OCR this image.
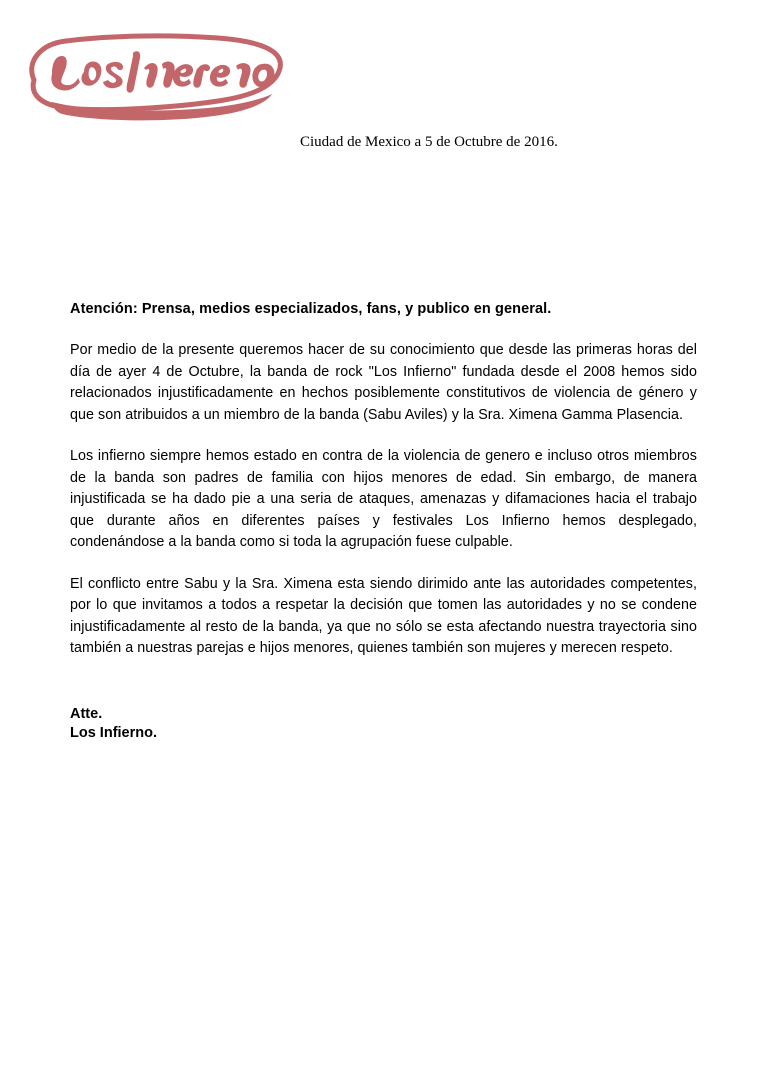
Ciudad de Mexico a 5 de Octubre de 2016.

Atención: Prensa, medios especializados, fans, y publico en general.

Por medio de la presente queremos hacer de su conocimiento que desde las primeras horas del día de ayer 4 de Octubre, la banda de rock "Los Infierno" fundada desde el 2008 hemos sido relacionados injustificadamente en hechos posiblemente constitutivos de violencia de género y que son atribuidos a un miembro de la banda (Sabu Aviles) y la Sra. Ximena Gamma Plasencia.

Los infierno siempre hemos estado en contra de la violencia de genero e incluso otros miembros de la banda son padres de familia con hijos menores de edad. Sin embargo, de manera injustificada se ha dado pie a una seria de ataques, amenazas y difamaciones hacia el trabajo que durante años en diferentes países y festivales Los Infierno hemos desplegado, condenándose a la banda como si toda la agrupación fuese culpable.

El conflicto entre Sabu y la Sra. Ximena esta siendo dirimido ante las autoridades competentes, por lo que invitamos a todos a respetar la decisión que tomen las autoridades y no se condene injustificadamente al resto de la banda, ya que no sólo se esta afectando nuestra trayectoria sino también a nuestras parejas e hijos menores, quienes también son mujeres y merecen respeto.

Atte.
Los Infierno.
